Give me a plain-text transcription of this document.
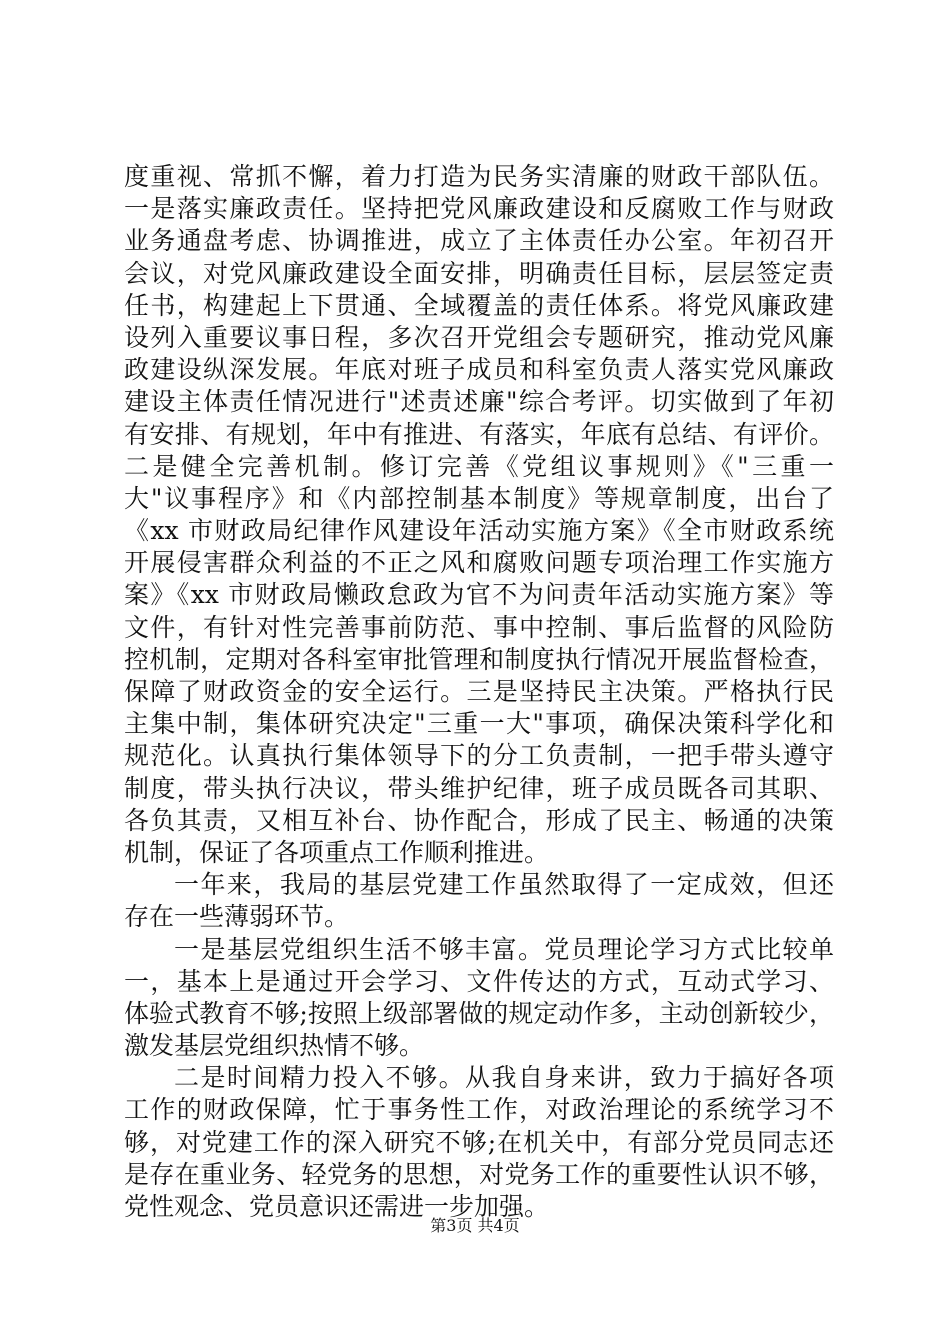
度重视、常抓不懈，着力打造为民务实清廉的财政干部队伍。
一是落实廉政责任。坚持把党风廉政建设和反腐败工作与财政
业务通盘考虑、协调推进，成立了主体责任办公室。年初召开
会议，对党风廉政建设全面安排，明确责任目标，层层签定责
任书，构建起上下贯通、全域覆盖的责任体系。将党风廉政建
设列入重要议事日程，多次召开党组会专题研究，推动党风廉
政建设纵深发展。年底对班子成员和科室负责人落实党风廉政
建设主体责任情况进行"述责述廉"综合考评。切实做到了年初
有安排、有规划，年中有推进、有落实，年底有总结、有评价。
二是健全完善机制。修订完善《党组议事规则》《"三重一
大"议事程序》和《内部控制基本制度》等规章制度，出台了
《xx 市财政局纪律作风建设年活动实施方案》《全市财政系统
开展侵害群众利益的不正之风和腐败问题专项治理工作实施方
案》《xx 市财政局懒政怠政为官不为问责年活动实施方案》等
文件，有针对性完善事前防范、事中控制、事后监督的风险防
控机制，定期对各科室审批管理和制度执行情况开展监督检查，
保障了财政资金的安全运行。三是坚持民主决策。严格执行民
主集中制，集体研究决定"三重一大"事项，确保决策科学化和
规范化。认真执行集体领导下的分工负责制，一把手带头遵守
制度，带头执行决议，带头维护纪律，班子成员既各司其职、
各负其责，又相互补台、协作配合，形成了民主、畅通的决策
机制，保证了各项重点工作顺利推进。
一年来，我局的基层党建工作虽然取得了一定成效，但还
存在一些薄弱环节。
一是基层党组织生活不够丰富。党员理论学习方式比较单
一，基本上是通过开会学习、文件传达的方式，互动式学习、
体验式教育不够;按照上级部署做的规定动作多，主动创新较少，
激发基层党组织热情不够。
二是时间精力投入不够。从我自身来讲，致力于搞好各项
工作的财政保障，忙于事务性工作，对政治理论的系统学习不
够，对党建工作的深入研究不够;在机关中，有部分党员同志还
是存在重业务、轻党务的思想，对党务工作的重要性认识不够，
党性观念、党员意识还需进一步加强。
第3页 共4页
